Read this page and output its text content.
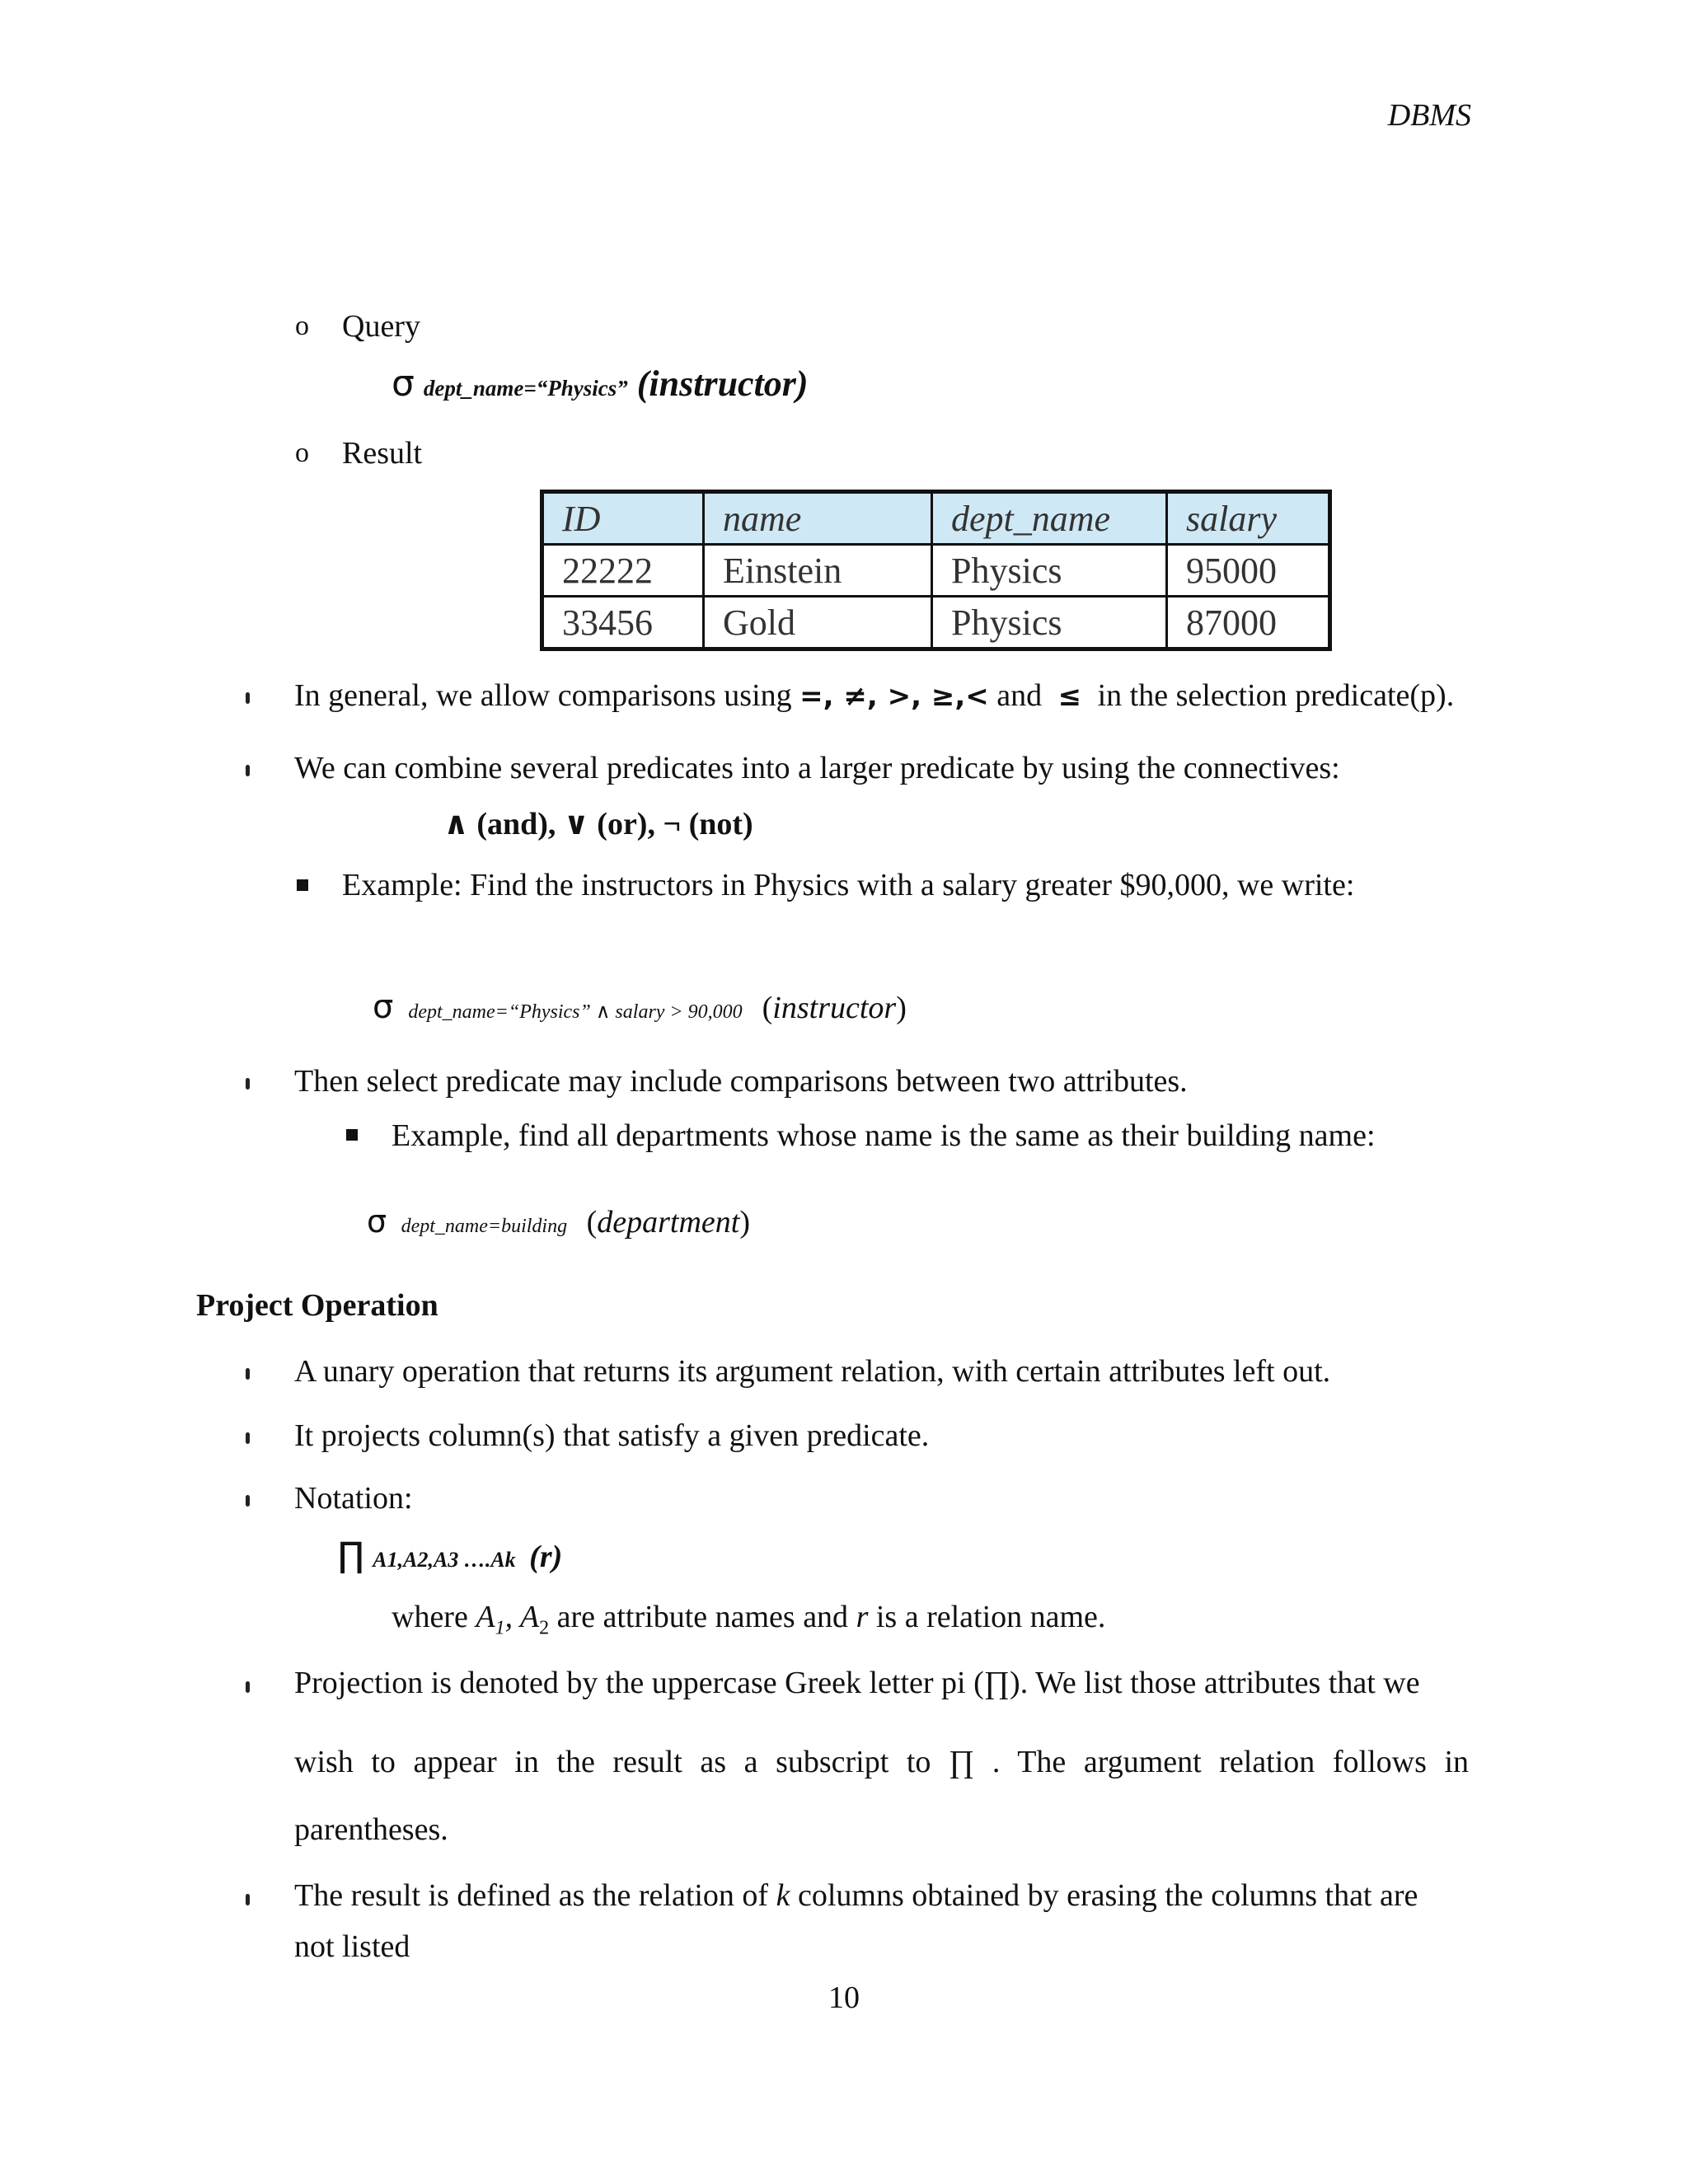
DBMS
o Query
σ dept_name=“Physics” (instructor)
o Result
ID	name	dept_name	salary
22222	Einstein	Physics	95000
33456	Gold	Physics	87000
In general, we allow comparisons using =, ≠, >, ≥,< and ≤ in the selection predicate(p).
We can combine several predicates into a larger predicate by using the connectives:
∧ (and), ∨ (or), ¬ (not)
Example: Find the instructors in Physics with a salary greater $90,000, we write:
σ dept_name=“Physics” ∧ salary > 90,000 (instructor)
Then select predicate may include comparisons between two attributes.
Example, find all departments whose name is the same as their building name:
σ dept_name=building (department)
Project Operation
A unary operation that returns its argument relation, with certain attributes left out.
It projects column(s) that satisfy a given predicate.
Notation:
∏ A1,A2,A3 ….Ak (r)
where $A_1$, $A_2$ are attribute names and r is a relation name.
Projection is denoted by the uppercase Greek letter pi (∏). We list those attributes that we
wish to appear in the result as a subscript to ∏ . The argument relation follows in
parentheses.
The result is defined as the relation of k columns obtained by erasing the columns that are
not listed
10
